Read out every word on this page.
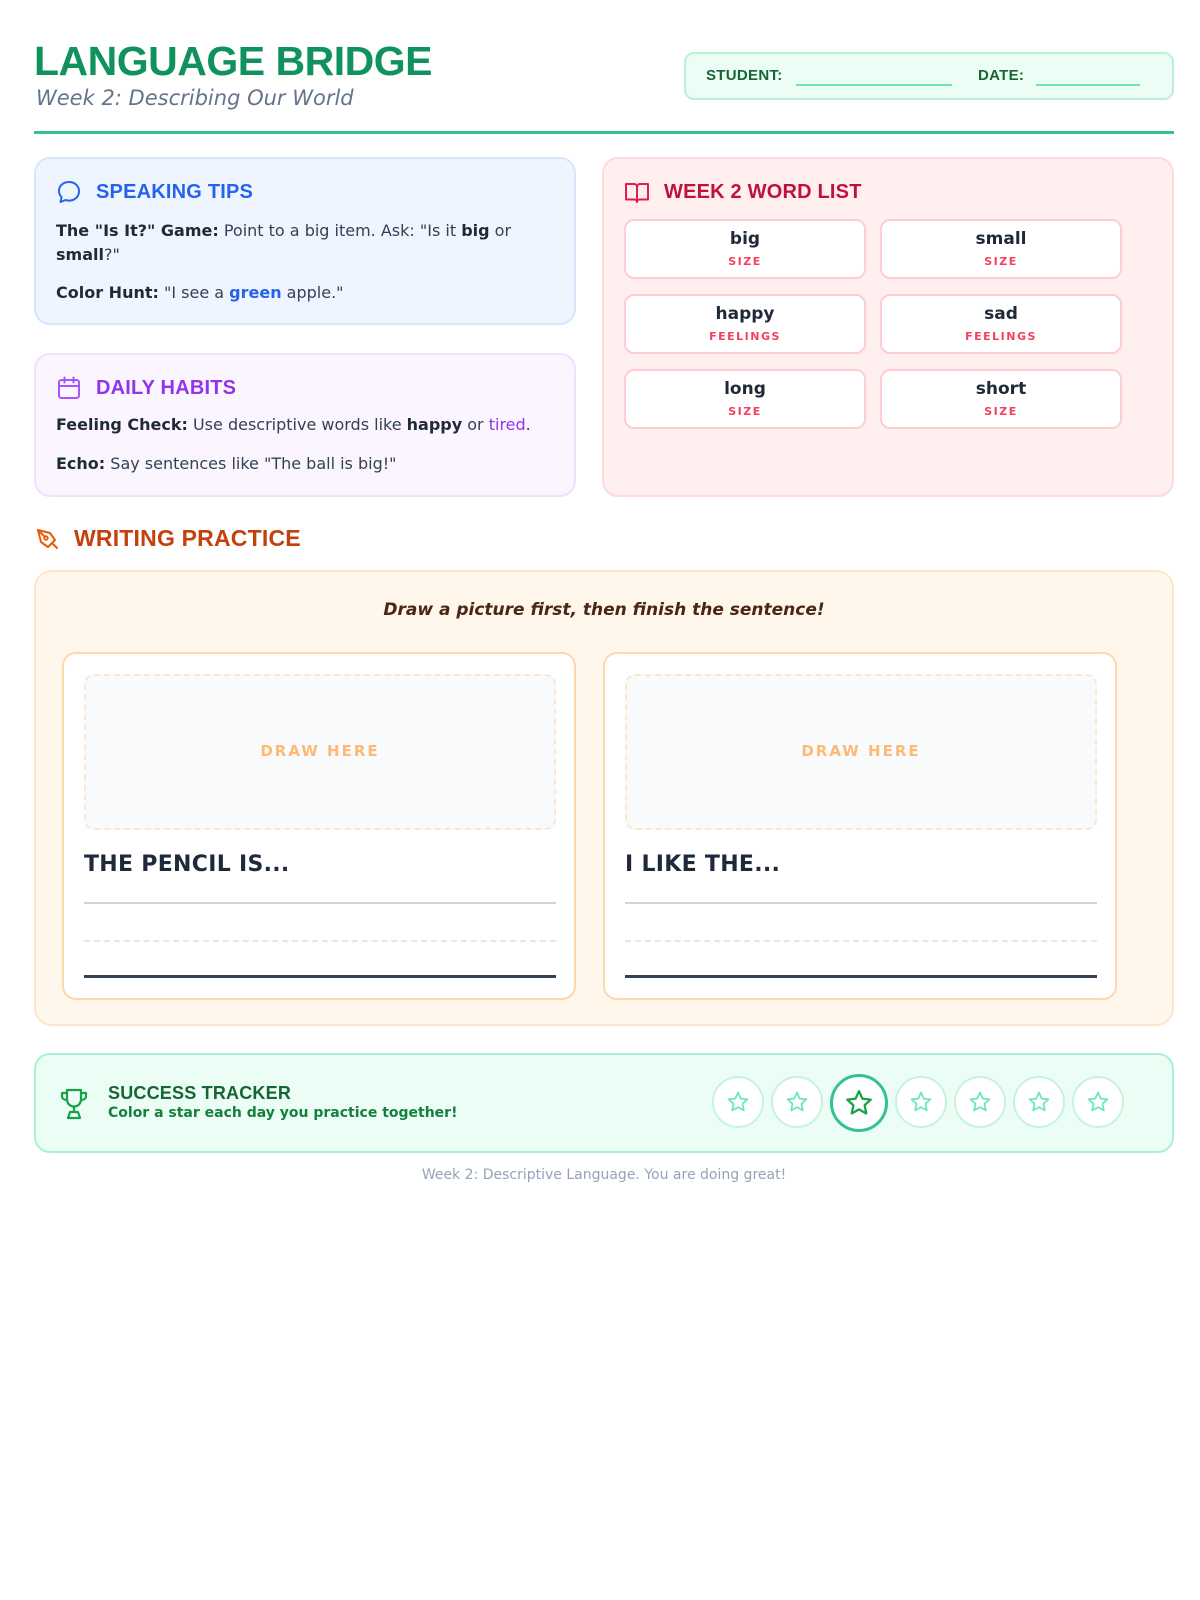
LANGUAGE BRIDGE
Week 2: Describing Our World
STUDENT:	DATE:
SPEAKING TIPS
The "Is It?" Game: Point to a big item. Ask: "Is it big or small?"
Color Hunt: "I see a green apple."
DAILY HABITS
Feeling Check: Use descriptive words like happy or tired.
Echo: Say sentences like "The ball is big!"
WEEK 2 WORD LIST
big
SIZE
small
SIZE
happy
FEELINGS
sad
FEELINGS
long
SIZE
short
SIZE
WRITING PRACTICE
Draw a picture first, then finish the sentence!
DRAW HERE
THE PENCIL IS...
DRAW HERE
I LIKE THE...
SUCCESS TRACKER
Color a star each day you practice together!
Week 2: Descriptive Language. You are doing great!
